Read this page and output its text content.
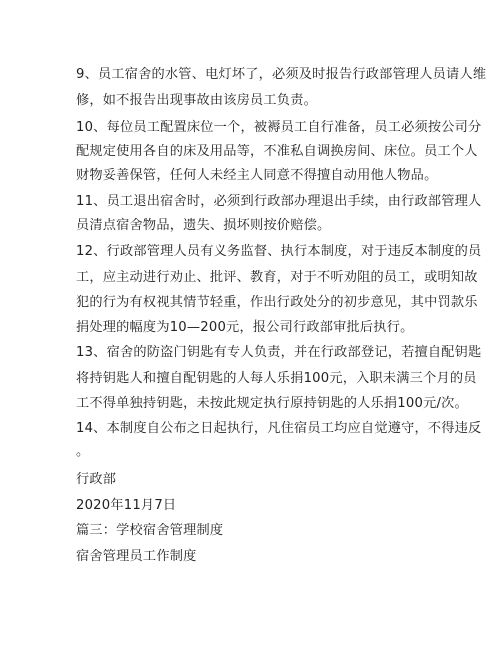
9、员工宿舍的水管、电灯坏了，必须及时报告行政部管理人员请人维
修，如不报告出现事故由该房员工负责。
10、每位员工配置床位一个，被褥员工自行准备，员工必须按公司分
配规定使用各自的床及用品等，不准私自调换房间、床位。员工个人
财物妥善保管，任何人未经主人同意不得擅自动用他人物品。
11、员工退出宿舍时，必须到行政部办理退出手续，由行政部管理人
员清点宿舍物品，遗失、损坏则按价赔偿。
12、行政部管理人员有义务监督、执行本制度，对于违反本制度的员
工，应主动进行劝止、批评、教育，对于不听劝阻的员工，或明知故
犯的行为有权视其情节轻重，作出行政处分的初步意见，其中罚款乐
捐处理的幅度为10—200元，报公司行政部审批后执行。
13、宿舍的防盗门钥匙有专人负责，并在行政部登记，若擅自配钥匙
将持钥匙人和擅自配钥匙的人每人乐捐100元，入职未满三个月的员
工不得单独持钥匙，未按此规定执行原持钥匙的人乐捐100元/次。
14、本制度自公布之日起执行，凡住宿员工均应自觉遵守，不得违反
。
行政部
2020年11月7日
篇三：学校宿舍管理制度
宿舍管理员工作制度
